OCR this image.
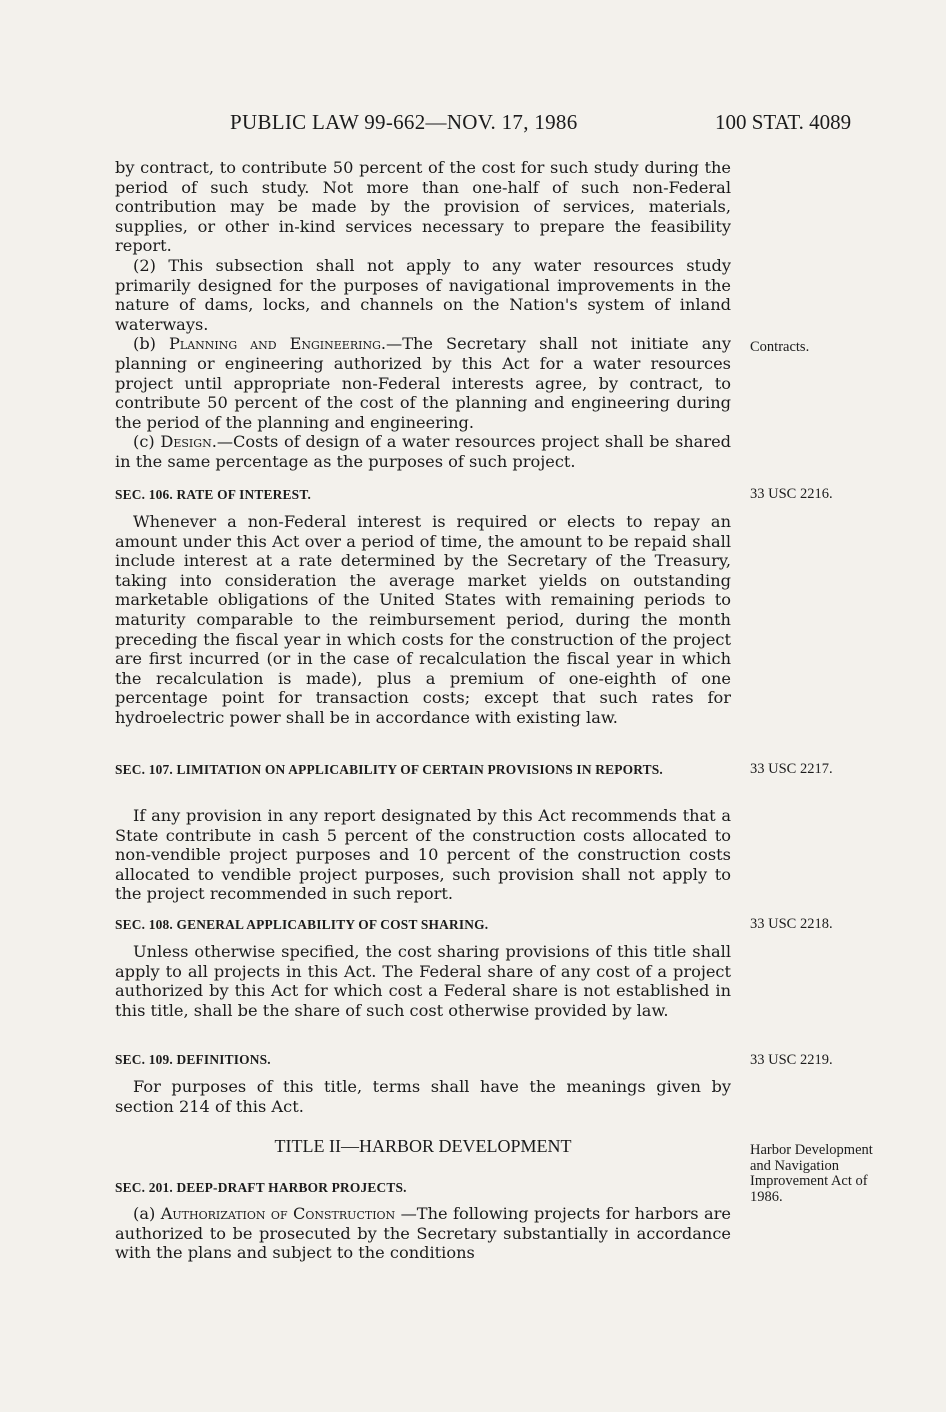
PUBLIC LAW 99-662—NOV. 17, 1986	100 STAT. 4089

by contract, to contribute 50 percent of the cost for such study during the period of such study. Not more than one-half of such non-Federal contribution may be made by the provision of services, materials, supplies, or other in-kind services necessary to prepare the feasibility report.

(2) This subsection shall not apply to any water resources study primarily designed for the purposes of navigational improvements in the nature of dams, locks, and channels on the Nation's system of inland waterways.

(b) Planning and Engineering.—The Secretary shall not initiate any planning or engineering authorized by this Act for a water resources project until appropriate non-Federal interests agree, by contract, to contribute 50 percent of the cost of the planning and engineering during the period of the planning and engineering.

(c) Design.—Costs of design of a water resources project shall be shared in the same percentage as the purposes of such project.

SEC. 106. RATE OF INTEREST.

Whenever a non-Federal interest is required or elects to repay an amount under this Act over a period of time, the amount to be repaid shall include interest at a rate determined by the Secretary of the Treasury, taking into consideration the average market yields on outstanding marketable obligations of the United States with remaining periods to maturity comparable to the reimbursement period, during the month preceding the fiscal year in which costs for the construction of the project are first incurred (or in the case of recalculation the fiscal year in which the recalculation is made), plus a premium of one-eighth of one percentage point for transaction costs; except that such rates for hydroelectric power shall be in accordance with existing law.

SEC. 107. LIMITATION ON APPLICABILITY OF CERTAIN PROVISIONS IN REPORTS.

If any provision in any report designated by this Act recommends that a State contribute in cash 5 percent of the construction costs allocated to non-vendible project purposes and 10 percent of the construction costs allocated to vendible project purposes, such provision shall not apply to the project recommended in such report.

SEC. 108. GENERAL APPLICABILITY OF COST SHARING.

Unless otherwise specified, the cost sharing provisions of this title shall apply to all projects in this Act. The Federal share of any cost of a project authorized by this Act for which cost a Federal share is not established in this title, shall be the share of such cost otherwise provided by law.

SEC. 109. DEFINITIONS.

For purposes of this title, terms shall have the meanings given by section 214 of this Act.

TITLE II—HARBOR DEVELOPMENT
SEC. 201. DEEP-DRAFT HARBOR PROJECTS.

(a) Authorization of Construction —The following projects for harbors are authorized to be prosecuted by the Secretary substantially in accordance with the plans and subject to the conditions

Contracts.
33 USC 2216.
33 USC 2217.
33 USC 2218.
33 USC 2219.
Harbor Development and Navigation Improvement Act of 1986.
